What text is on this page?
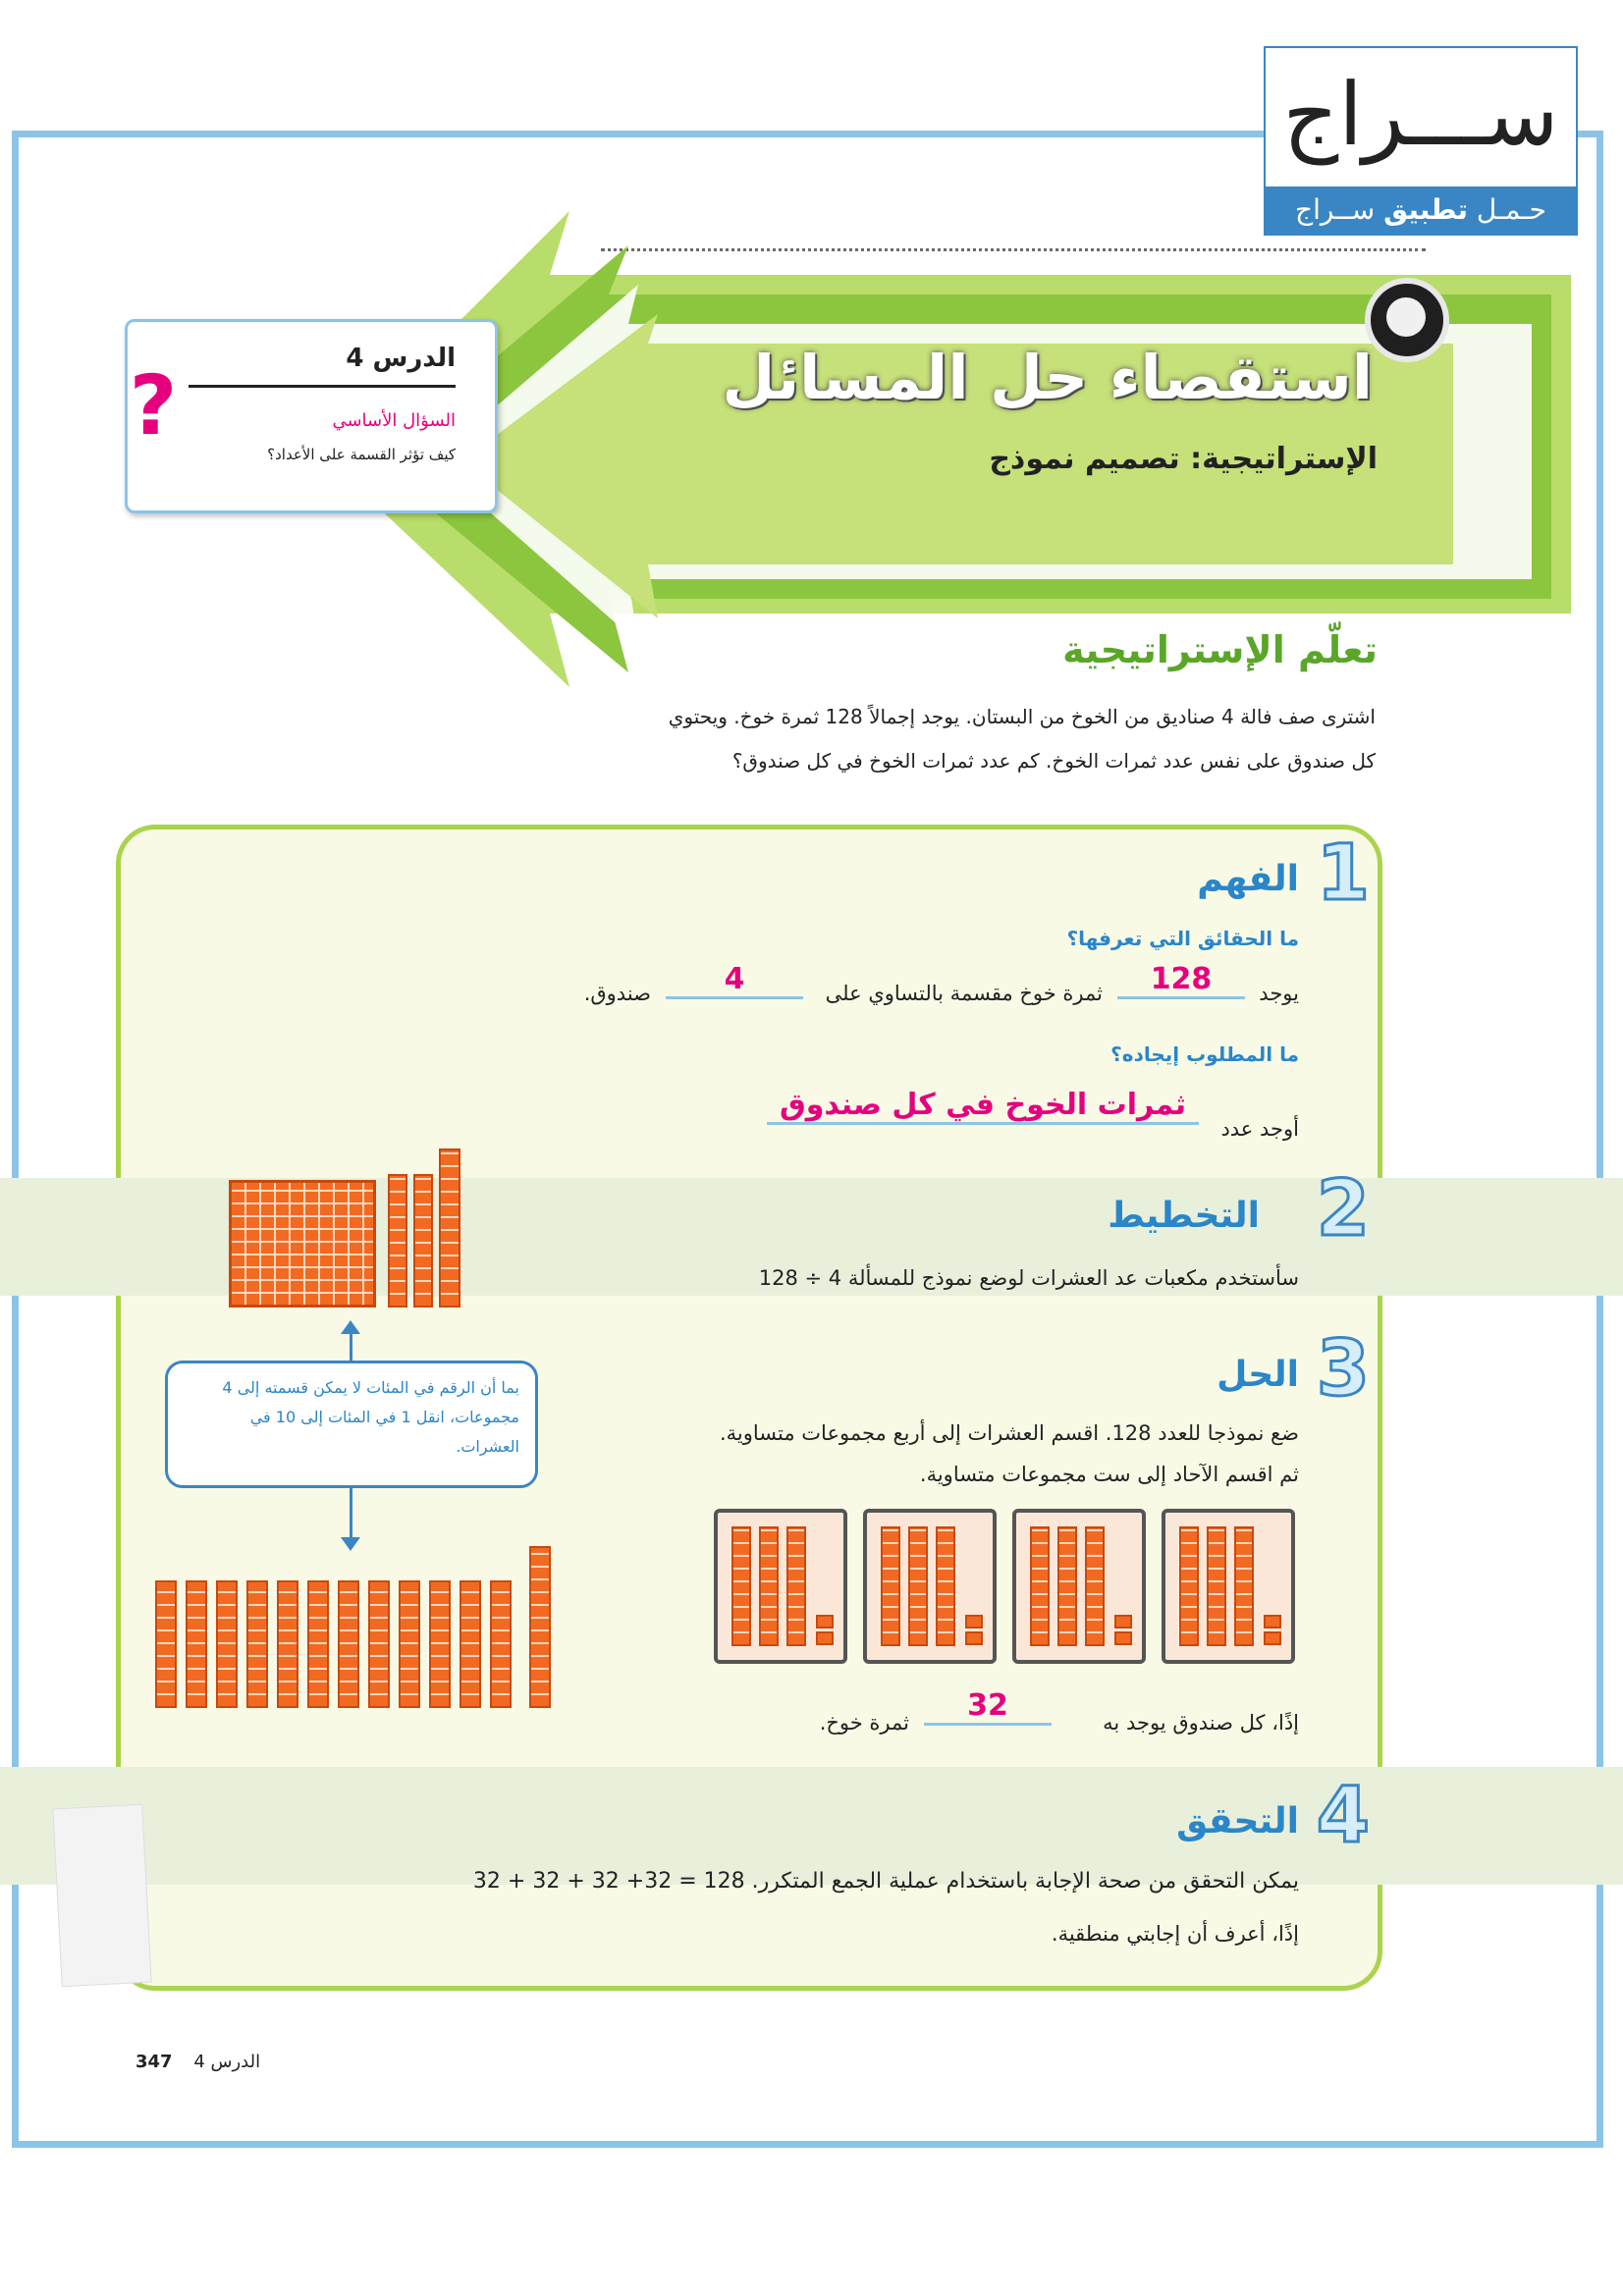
ســـراج
حـمـل تطبيق ســراج
استقصاء حل المسائل
الإستراتيجية: تصميم نموذج
?	الدرس 4
السؤال الأساسي
كيف تؤثر القسمة على الأعداد؟
تعلّم الإستراتيجية
اشترى صف فالة 4 صناديق من الخوخ من البستان. يوجد إجمالاً 128 ثمرة خوخ. ويحتوي
كل صندوق على نفس عدد ثمرات الخوخ. كم عدد ثمرات الخوخ في كل صندوق؟
1
الفهم
ما الحقائق التي تعرفها؟
يوجد
128
ثمرة خوخ مقسمة بالتساوي على
4
صندوق.
ما المطلوب إيجاده؟
أوجد عدد
ثمرات الخوخ في كل صندوق
2
التخطيط
سأستخدم مكعبات عد العشرات لوضع نموذج للمسألة 4 ÷ 128
بما أن الرقم في المئات لا يمكن قسمته إلى 4 مجموعات، انقل 1 في المئات إلى 10 في العشرات.
3
الحل
ضع نموذجا للعدد 128. اقسم العشرات إلى أربع مجموعات متساوية.
ثم اقسم الآحاد إلى ست مجموعات متساوية.
إذًا، كل صندوق يوجد به
32
ثمرة خوخ.
4
التحقق
يمكن التحقق من صحة الإجابة باستخدام عملية الجمع المتكرر. 128 = 32+ 32 + 32 + 32
إذًا، أعرف أن إجابتي منطقية.
347 الدرس 4
